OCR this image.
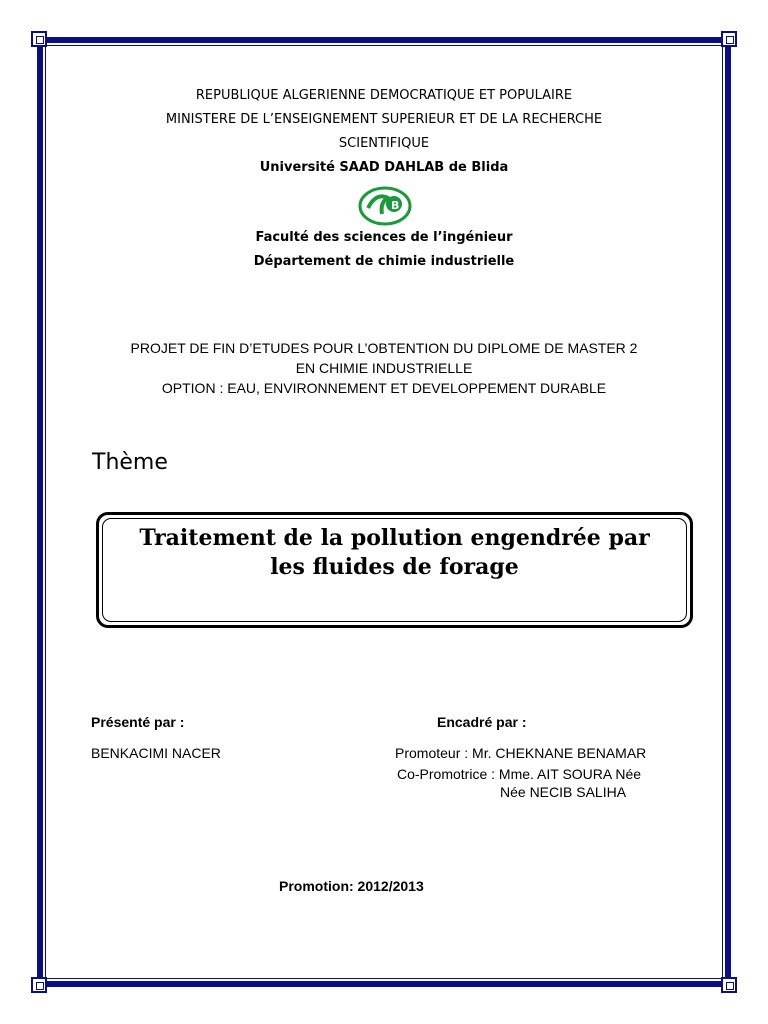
REPUBLIQUE ALGERIENNE DEMOCRATIQUE ET POPULAIRE
MINISTERE DE L’ENSEIGNEMENT SUPERIEUR ET DE LA RECHERCHE
SCIENTIFIQUE
Université SAAD DAHLAB de Blida
B
Faculté des sciences de l’ingénieur
Département de chimie industrielle
PROJET DE FIN D’ETUDES POUR L’OBTENTION DU DIPLOME DE MASTER 2
EN CHIMIE INDUSTRIELLE
OPTION : EAU, ENVIRONNEMENT ET DEVELOPPEMENT DURABLE
Thème
Traitement de la pollution engendrée par
les fluides de forage
Présenté par :	Encadré par :
BENKACIMI NACER	Promoteur : Mr. CHEKNANE BENAMAR
Co-Promotrice : Mme. AIT SOURA Née
Née NECIB SALIHA
Promotion: 2012/2013
